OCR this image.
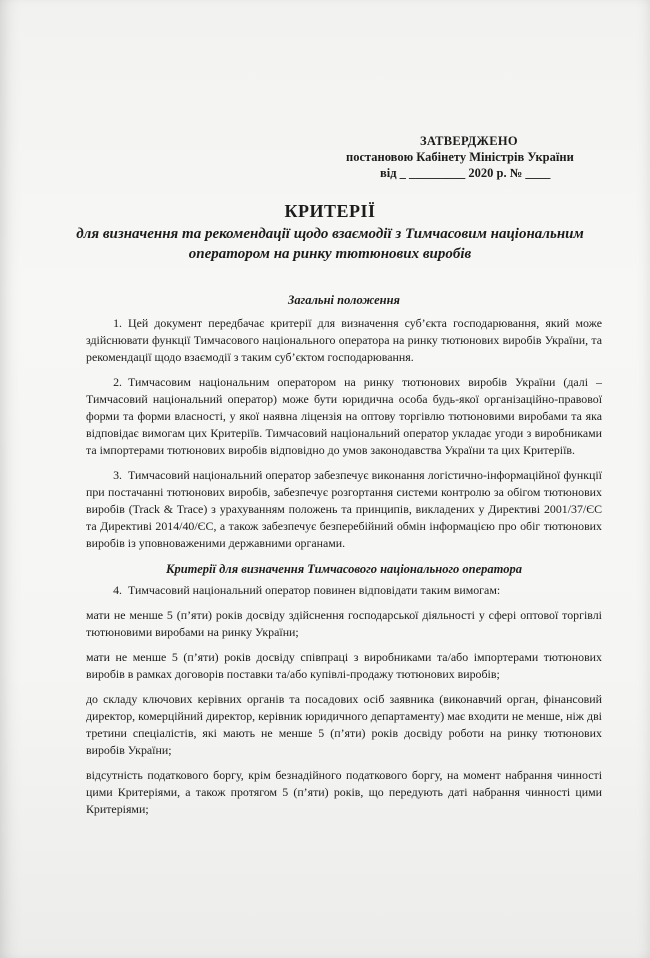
ЗАТВЕРДЖЕНО
постановою Кабінету Міністрів України
від _ _________ 2020 р. № ____
КРИТЕРІЇ
для визначення та рекомендації щодо взаємодії з Тимчасовим національним оператором на ринку тютюнових виробів
Загальні положення

1. Цей документ передбачає критерії для визначення суб’єкта господарювання, який може здійснювати функції Тимчасового національного оператора на ринку тютюнових виробів України, та рекомендації щодо взаємодії з таким суб’єктом господарювання.

2. Тимчасовим національним оператором на ринку тютюнових виробів України (далі – Тимчасовий національний оператор) може бути юридична особа будь-якої організаційно-правової форми та форми власності, у якої наявна ліцензія на оптову торгівлю тютюновими виробами та яка відповідає вимогам цих Критеріїв. Тимчасовий національний оператор укладає угоди з виробниками та імпортерами тютюнових виробів відповідно до умов законодавства України та цих Критеріїв.

3. Тимчасовий національний оператор забезпечує виконання логістично-інформаційної функції при постачанні тютюнових виробів, забезпечує розгортання системи контролю за обігом тютюнових виробів (Track & Trace) з урахуванням положень та принципів, викладених у Директиві 2001/37/ЄС та Директиві 2014/40/ЄС, а також забезпечує безперебійний обмін інформацією про обіг тютюнових виробів із уповноваженими державними органами.

Критерії для визначення Тимчасового національного оператора

4. Тимчасовий національний оператор повинен відповідати таким вимогам:

мати не менше 5 (п’яти) років досвіду здійснення господарської діяльності у сфері оптової торгівлі тютюновими виробами на ринку України;

мати не менше 5 (п’яти) років досвіду співпраці з виробниками та/або імпортерами тютюнових виробів в рамках договорів поставки та/або купівлі-продажу тютюнових виробів;

до складу ключових керівних органів та посадових осіб заявника (виконавчий орган, фінансовий директор, комерційний директор, керівник юридичного департаменту) має входити не менше, ніж дві третини спеціалістів, які мають не менше 5 (п’яти) років досвіду роботи на ринку тютюнових виробів України;

відсутність податкового боргу, крім безнадійного податкового боргу, на момент набрання чинності цими Критеріями, а також протягом 5 (п’яти) років, що передують даті набрання чинності цими Критеріями;
